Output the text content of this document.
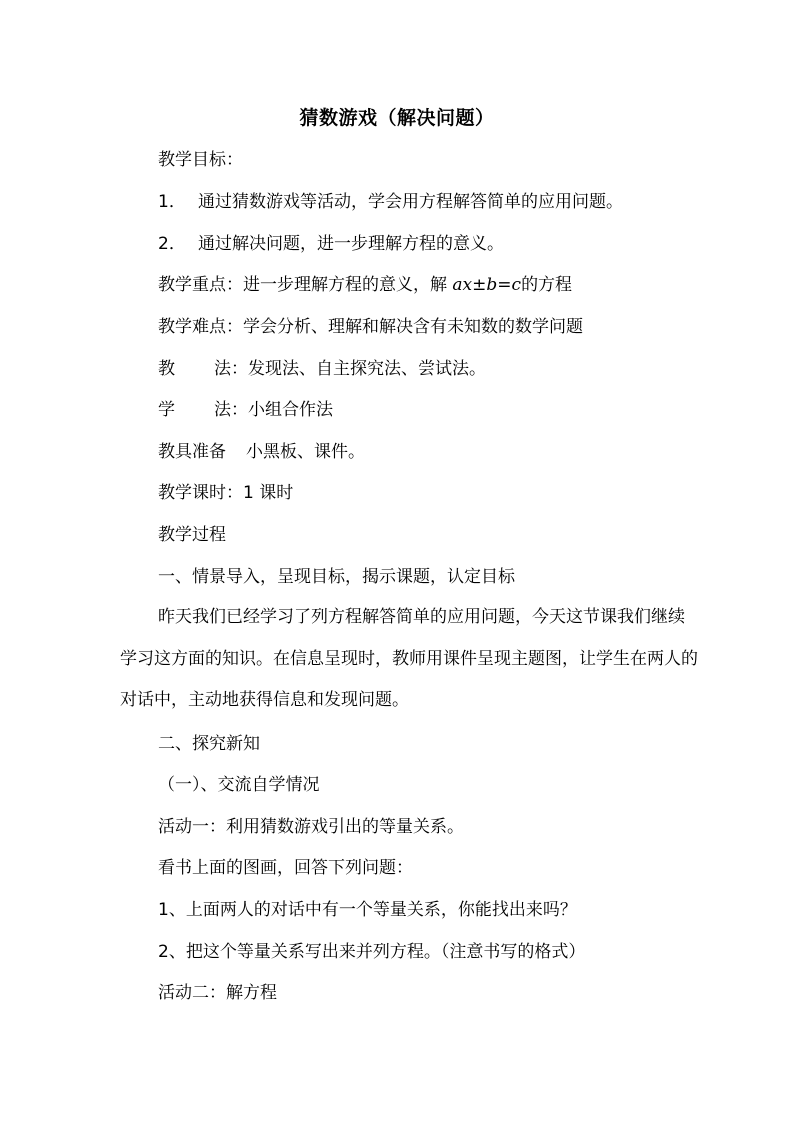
猜数游戏（解决问题）

教学目标：

1． 通过猜数游戏等活动，学会用方程解答简单的应用问题。

2． 通过解决问题，进一步理解方程的意义。

教学重点：进一步理解方程的意义，解 ax±b=c的方程

教学难点：学会分析、理解和解决含有未知数的数学问题

教 法：发现法、自主探究法、尝试法。

学 法：小组合作法

教具准备 小黑板、课件。

教学课时：1 课时

教学过程

一、情景导入，呈现目标，揭示课题，认定目标

昨天我们已经学习了列方程解答简单的应用问题，今天这节课我们继续学习这方面的知识。在信息呈现时，教师用课件呈现主题图，让学生在两人的对话中，主动地获得信息和发现问题。

二、探究新知

（一）、交流自学情况

活动一：利用猜数游戏引出的等量关系。

看书上面的图画，回答下列问题：

1、上面两人的对话中有一个等量关系，你能找出来吗？

2、把这个等量关系写出来并列方程。（注意书写的格式）

活动二：解方程
